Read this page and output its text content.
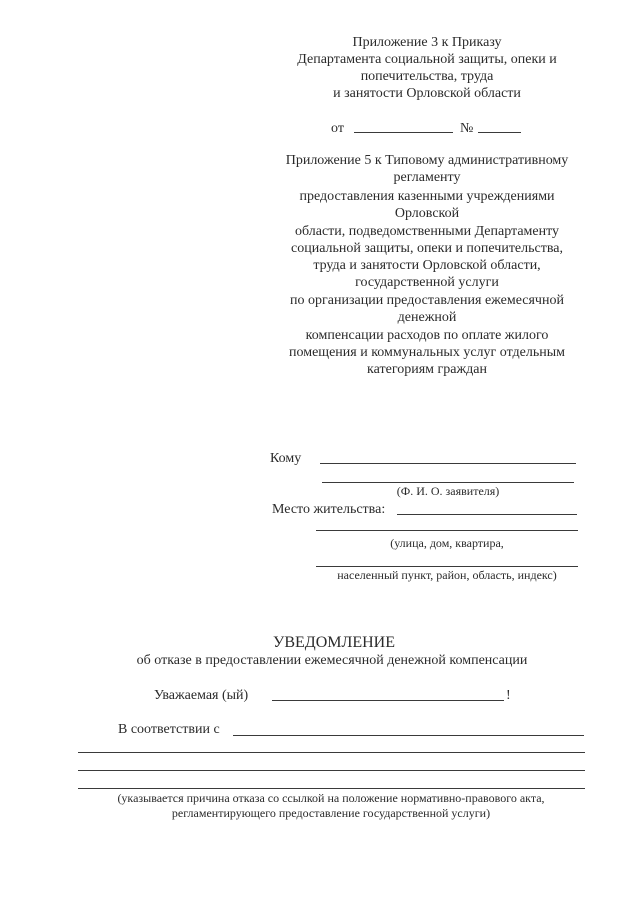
Приложение 3 к Приказу
Департамента социальной защиты, опеки и
попечительства, труда
и занятости Орловской области
от	№
Приложение 5 к Типовому административному
регламенту
предоставления казенными учреждениями
Орловской
области, подведомственными Департаменту
социальной защиты, опеки и попечительства,
труда и занятости Орловской области,
государственной услуги
по организации предоставления ежемесячной
денежной
компенсации расходов по оплате жилого
помещения и коммунальных услуг отдельным
категориям граждан
Кому
(Ф. И. О. заявителя)
Место жительства:
(улица, дом, квартира,
населенный пункт, район, область, индекс)
УВЕДОМЛЕНИЕ
об отказе в предоставлении ежемесячной денежной компенсации
Уважаемая (ый)	!
В соответствии с
(указывается причина отказа со ссылкой на положение нормативно-правового акта,
регламентирующего предоставление государственной услуги)
